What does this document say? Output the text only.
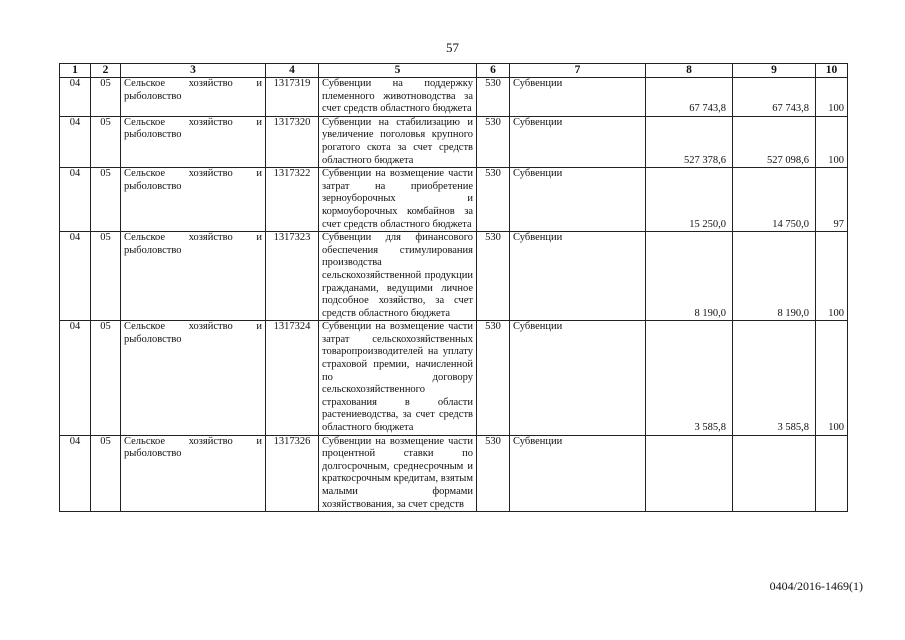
57
1	2	3	4	5	6	7	8	9	10
04	05	Сельское хозяйство и рыболовство	1317319	Субвенции на поддержку племенного животноводства за счет средств областного бюджета	530	Субвенции	67 743,8	67 743,8	100
04	05	Сельское хозяйство и рыболовство	1317320	Субвенции на стабилизацию и увеличение поголовья крупного рогатого скота за счет средств областного бюджета	530	Субвенции	527 378,6	527 098,6	100
04	05	Сельское хозяйство и рыболовство	1317322	Субвенции на возмещение части затрат на приобретение зерноуборочных и кормоуборочных комбайнов за счет средств областного бюджета	530	Субвенции	15 250,0	14 750,0	97
04	05	Сельское хозяйство и рыболовство	1317323	Субвенции для финансового обеспечения стимулирования производства сельскохозяйственной продукции гражданами, ведущими личное подсобное хозяйство, за счет средств областного бюджета	530	Субвенции	8 190,0	8 190,0	100
04	05	Сельское хозяйство и рыболовство	1317324	Субвенции на возмещение части затрат сельскохозяйственных товаропроизводителей на уплату страховой премии, начисленной по договору сельскохозяйственного страхования в области растениеводства, за счет средств областного бюджета	530	Субвенции	3 585,8	3 585,8	100
04	05	Сельское хозяйство и рыболовство	1317326	Субвенции на возмещение части процентной ставки по долгосрочным, среднесрочным и краткосрочным кредитам, взятым малыми формами хозяйствования, за счет средств	530	Субвенции			
0404/2016-1469(1)
